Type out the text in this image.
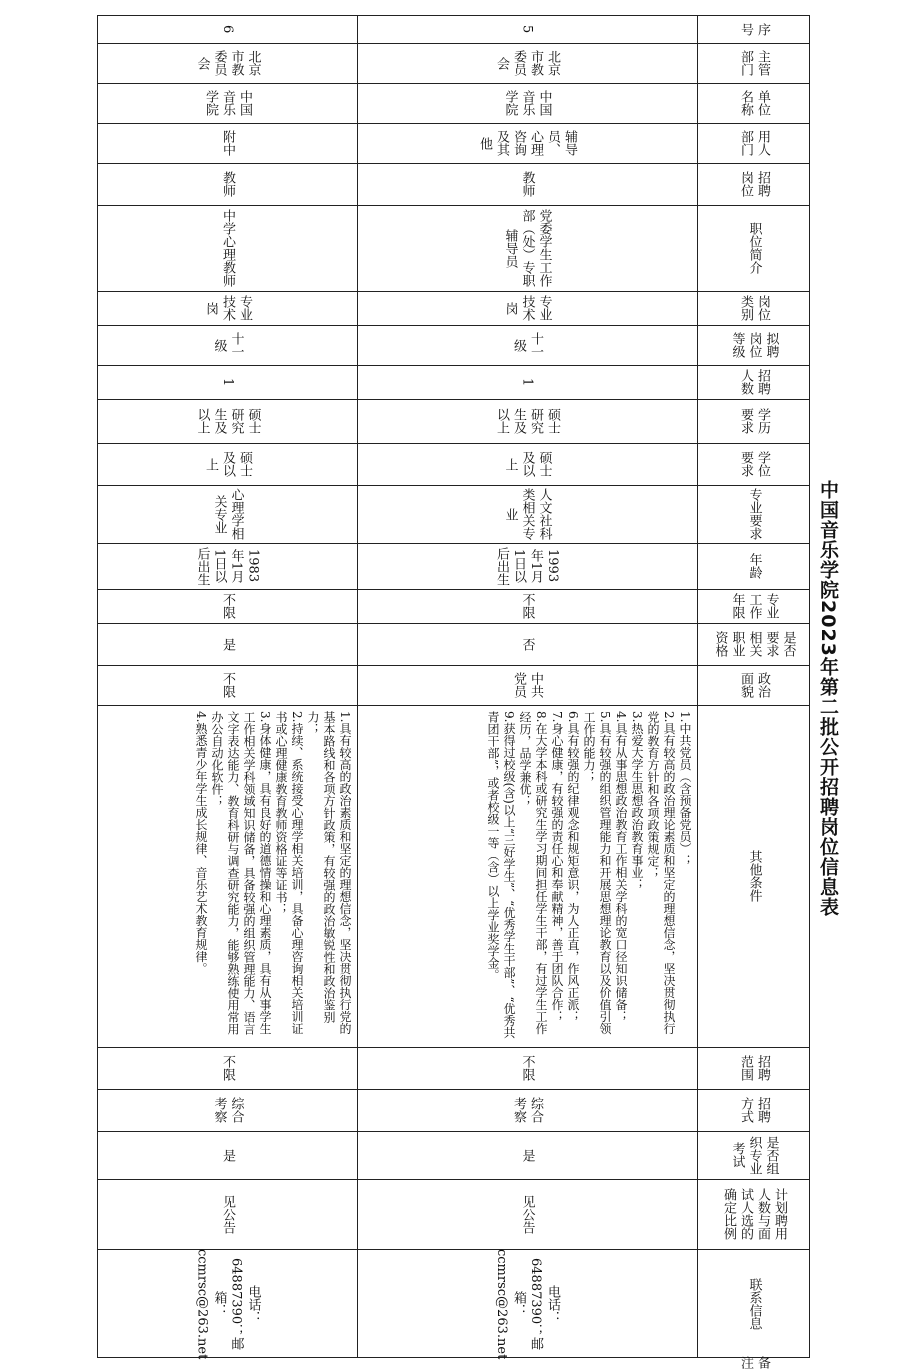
中国音乐学院2023年第二批公开招聘岗位信息表
序号
主管部门
单位名称
用人部门
招聘岗位
职位简介
岗位类别
拟聘岗位等级
招聘人数
学历要求
学位要求
专业要求
年龄
专业工作年限
是否要求相关职业资格
政治面貌
其他条件
招聘范围
招聘方式
是否组织专业考试
计划聘用人数与面试人选的确定比例
联系信息
备注
5
北京市教委员会
中国音乐学院
辅导员、心理咨询及其他
教师
党委学生工作部（处）专职辅导员
专业技术岗
十一级
1
硕士研究生及以上
硕士及以上
人文社科类相关专业
1993年1月1日以后出生
不限
否
中共党员
1.中共党员（含预备党员）；
2.具有较高的政治理论素质和坚定的理想信念，坚决贯彻执行党的教育方针和各项政策规定；
3.热爱大学生思想政治教育事业；
4.具有从事思想政治教育工作相关学科的宽口径知识储备；
5.具有较强的组织管理能力和开展思想理论教育以及价值引领工作的能力；
6.具有较强的纪律观念和规矩意识，为人正直，作风正派；
7.身心健康，有较强的责任心和奉献精神，善于团队合作；
8.在大学本科或研究生学习期间担任学生干部，有过学生工作经历，品学兼优；
9.获得过校级(含)以上“三好学生”、“优秀学生干部”、“优秀共青团干部”，或者校级一等（含）以上学业奖学金。
不限
综合考察
是
见公告
电话：64887390；邮箱：ccmrsc@263.net
6
北京市教委员会
中国音乐学院
附中
教师
中学心理教师
专业技术岗
十一级
1
硕士研究生及以上
硕士及以上
心理学相关专业
1983年1月1日以后出生
不限
是
不限
1.具有较高的政治素质和坚定的理想信念，坚决贯彻执行党的基本路线和各项方针政策，有较强的政治敏锐性和政治鉴别力；
2.持续、系统接受心理学相关培训，具备心理咨询相关培训证书或心理健康教育教师资格证等证书；
3.身体健康，具有良好的道德情操和心理素质，具有从事学生工作相关学科领域知识储备，具备较强的组织管理能力、语言文字表达能力、教育科研与调查研究能力，能够熟练使用常用办公自动化软件；
4.熟悉青少年学生成长规律、音乐艺术教育规律。
不限
综合考察
是
见公告
电话：64887390；邮箱：ccmrsc@263.net
